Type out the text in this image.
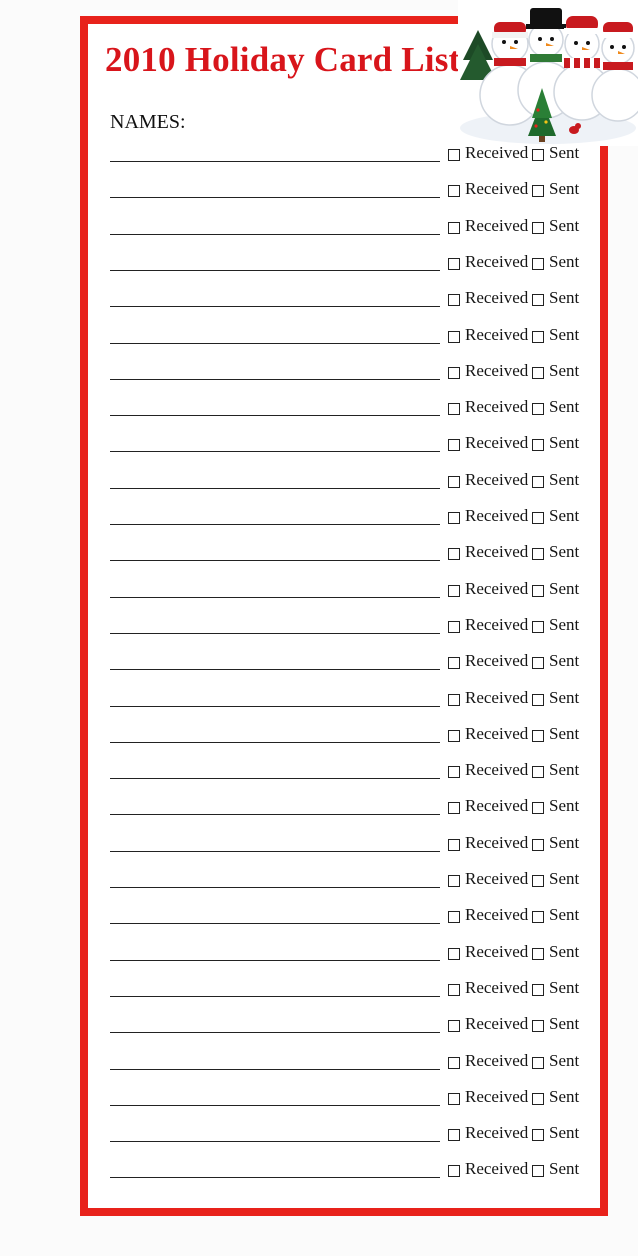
2010 Holiday Card List
NAMES:
Received Sent
Received Sent
Received Sent
Received Sent
Received Sent
Received Sent
Received Sent
Received Sent
Received Sent
Received Sent
Received Sent
Received Sent
Received Sent
Received Sent
Received Sent
Received Sent
Received Sent
Received Sent
Received Sent
Received Sent
Received Sent
Received Sent
Received Sent
Received Sent
Received Sent
Received Sent
Received Sent
Received Sent
Received Sent
